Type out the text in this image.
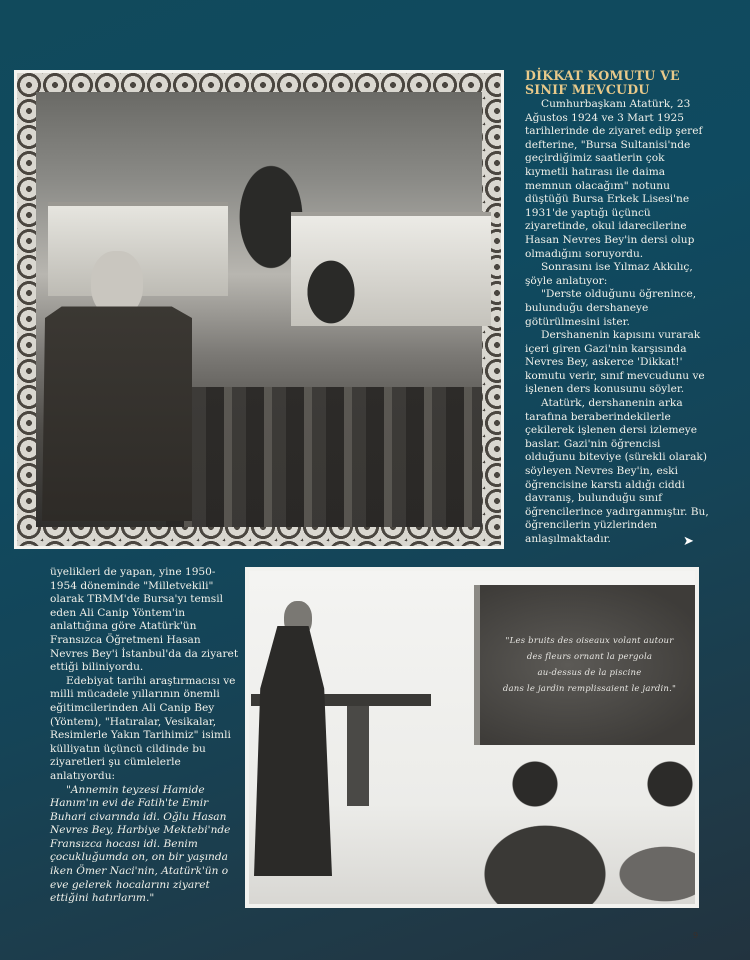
DİKKAT KOMUTU VE
SINIF MEVCUDU

Cumhurbaşkanı Atatürk, 23 Ağustos 1924 ve 3 Mart 1925 tarihlerinde de ziyaret edip şeref defterine, "Bursa Sultanisi'nde geçirdiğimiz saatlerin çok kıymetli hatırası ile daima memnun olacağım" notunu düştüğü Bursa Erkek Lisesi'ne 1931'de yaptığı üçüncü ziyaretinde, okul idarecilerine Hasan Nevres Bey'in dersi olup olmadığını soruyordu.

Sonrasını ise Yılmaz Akkılıç, şöyle anlatıyor:

"Derste olduğunu öğrenince, bulunduğu dershaneye götürülmesini ister.

Dershanenin kapısını vurarak içeri giren Gazi'nin karşısında Nevres Bey, askerce 'Dikkat!' komutu verir, sınıf mevcudunu ve işlenen ders konusunu söyler.

Atatürk, dershanenin arka tarafına beraberindekilerle çekilerek işlenen dersi izlemeye baslar. Gazi'nin öğrencisi olduğunu biteviye (sürekli olarak) söyleyen Nevres Bey'in, eski öğrencisine karstı aldığı ciddi davranış, bulunduğu sınıf öğrencilerince yadırganmıştır. Bu, öğrencilerin yüzlerinden anlaşılmaktadır.	➤

üyelikleri de yapan, yine 1950-1954 döneminde "Milletvekili" olarak TBMM'de Bursa'yı temsil eden Ali Canip Yöntem'in anlattığına göre Atatürk'ün Fransızca Öğretmeni Hasan Nevres Bey'i İstanbul'da da ziyaret ettiği biliniyordu.

Edebiyat tarihi araştırmacısı ve milli mücadele yıllarının önemli eğitimcilerinden Ali Canip Bey (Yöntem), "Hatıralar, Vesikalar, Resimlerle Yakın Tarihimiz" isimli külliyatın üçüncü cildinde bu ziyaretleri şu cümlelerle anlatıyordu:

"Annemin teyzesi Hamide Hanım'ın evi de Fatih'te Emir Buhari civarında idi. Oğlu Hasan Nevres Bey, Harbiye Mektebi'nde Fransızca hocası idi. Benim çocukluğumda on, on bir yaşında iken Ömer Naci'nin, Atatürk'ün o eve gelerek hocalarını ziyaret ettiğini hatırlarım."

"Les bruits des oiseaux volant autour
des fleurs ornant la pergola
au-dessus de la piscine
dans le jardin remplissaient le jardin."
9
